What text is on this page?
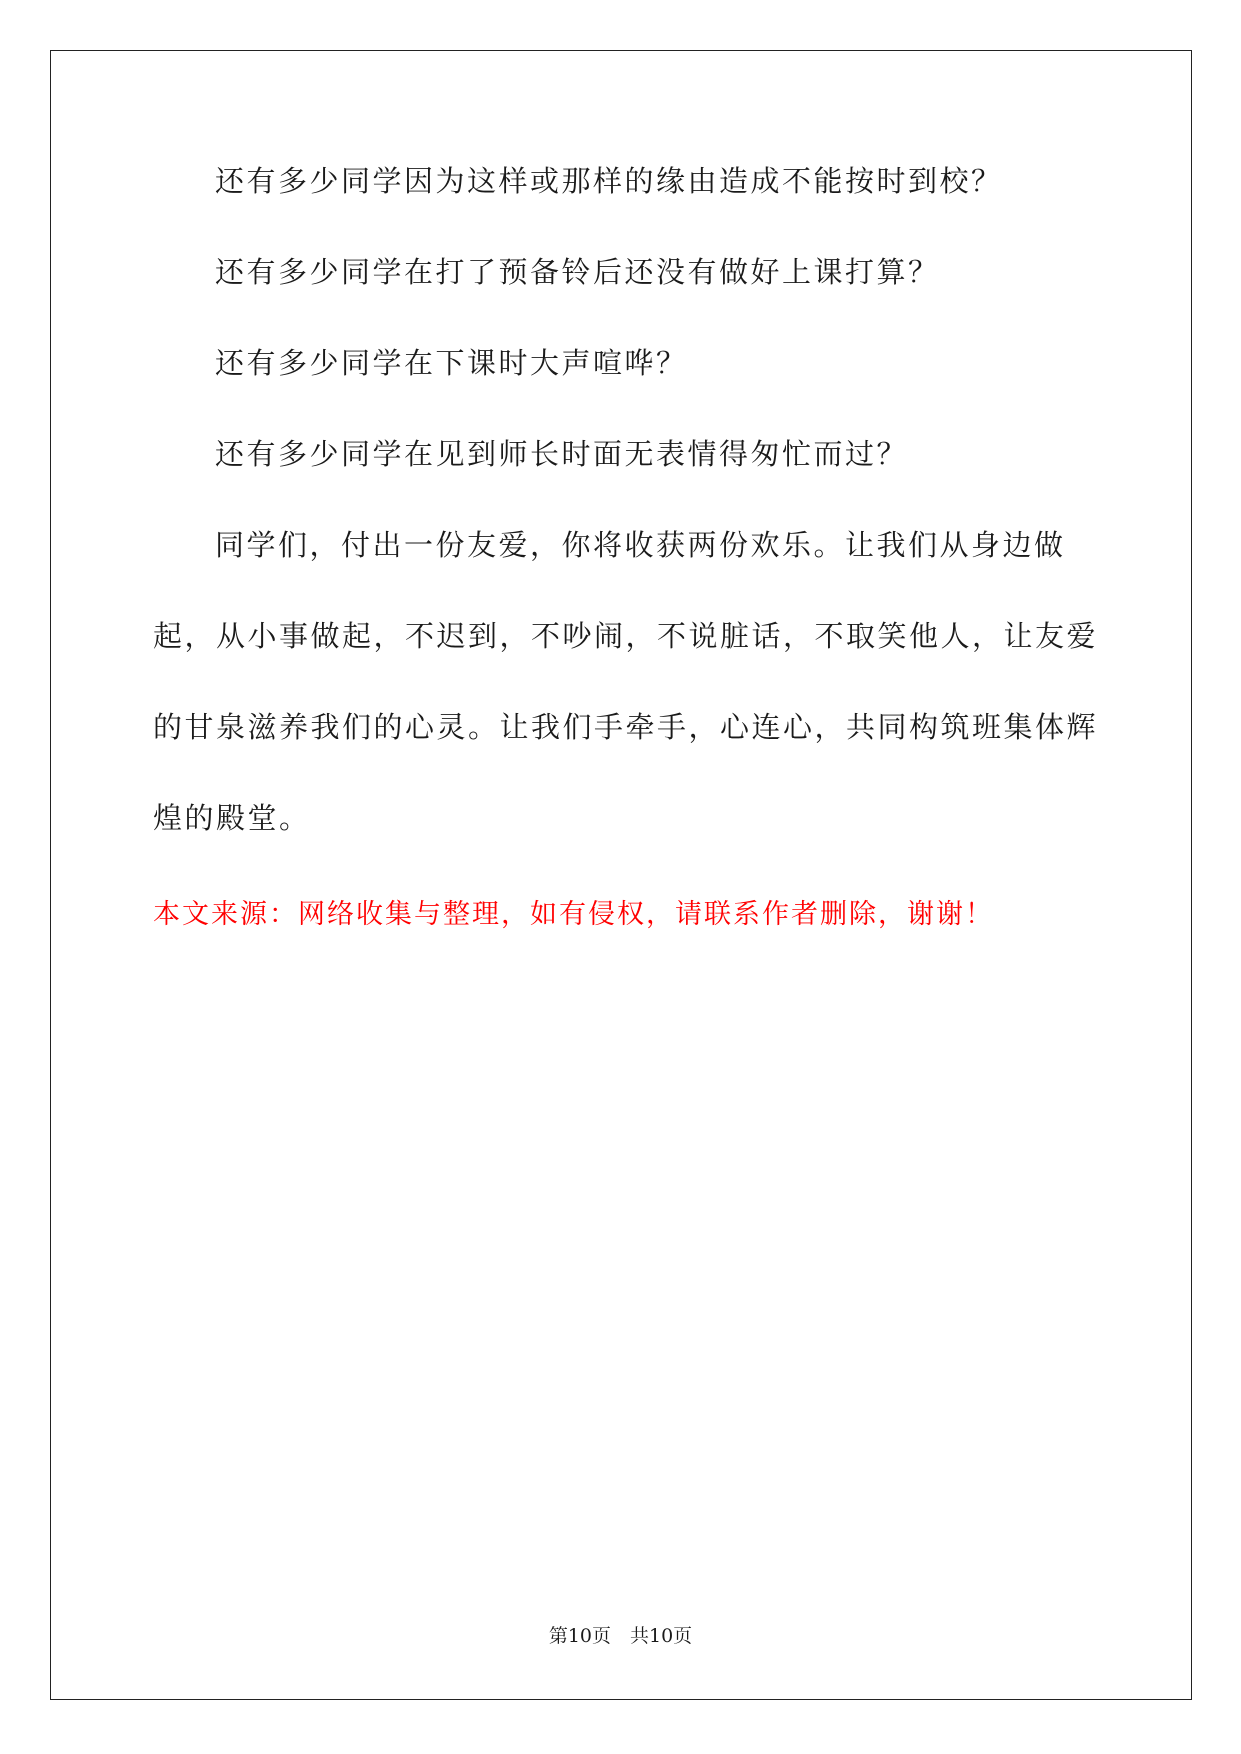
还有多少同学因为这样或那样的缘由造成不能按时到校？

还有多少同学在打了预备铃后还没有做好上课打算？

还有多少同学在下课时大声喧哗？

还有多少同学在见到师长时面无表情得匆忙而过？

同学们，付出一份友爱，你将收获两份欢乐。让我们从身边做起，从小事做起，不迟到，不吵闹，不说脏话，不取笑他人，让友爱的甘泉滋养我们的心灵。让我们手牵手，心连心，共同构筑班集体辉煌的殿堂。

本文来源：网络收集与整理，如有侵权，请联系作者删除，谢谢！

第10页　共10页
